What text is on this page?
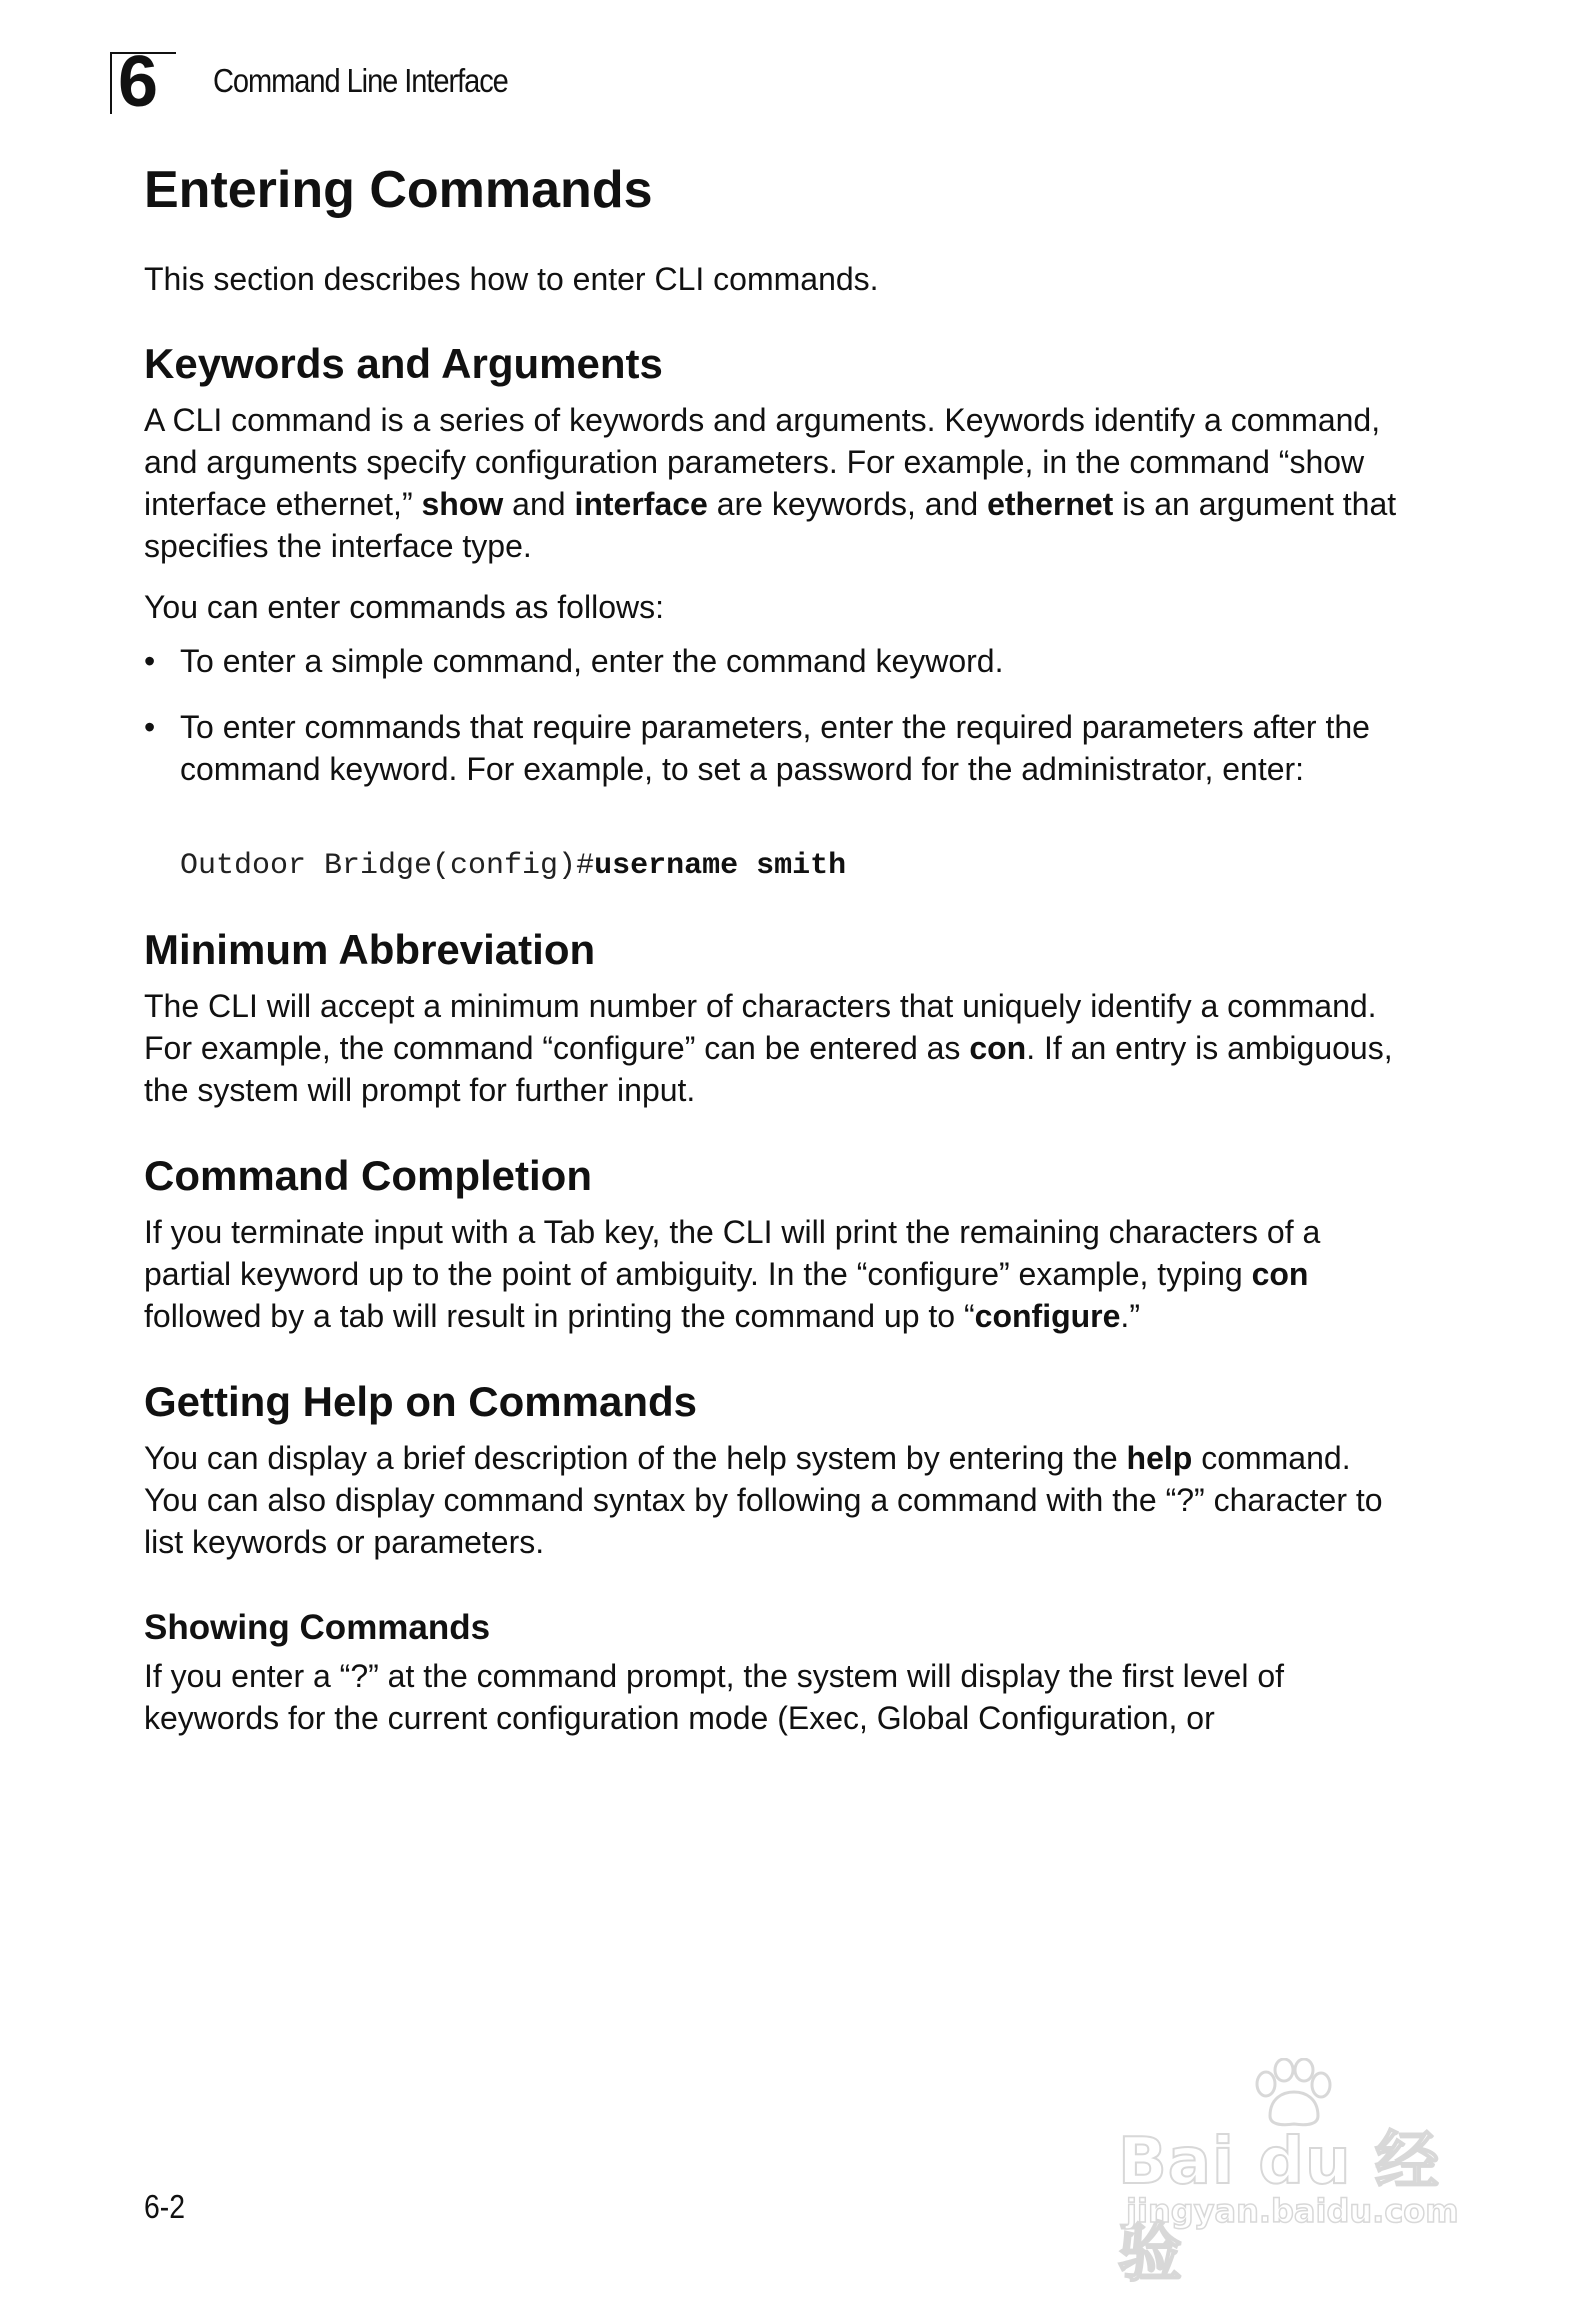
6 Command Line Interface
Entering Commands

This section describes how to enter CLI commands.

Keywords and Arguments

A CLI command is a series of keywords and arguments. Keywords identify a command, and arguments specify configuration parameters. For example, in the command “show interface ethernet,” show and interface are keywords, and ethernet is an argument that specifies the interface type.

You can enter commands as follows:

• To enter a simple command, enter the command keyword.
• To enter commands that require parameters, enter the required parameters after the command keyword. For example, to set a password for the administrator, enter:
Outdoor Bridge(config)#username smith
Minimum Abbreviation

The CLI will accept a minimum number of characters that uniquely identify a command. For example, the command “configure” can be entered as con. If an entry is ambiguous, the system will prompt for further input.

Command Completion

If you terminate input with a Tab key, the CLI will print the remaining characters of a partial keyword up to the point of ambiguity. In the “configure” example, typing con followed by a tab will result in printing the command up to “configure.”

Getting Help on Commands

You can display a brief description of the help system by entering the help command. You can also display command syntax by following a command with the “?” character to list keywords or parameters.

Showing Commands

If you enter a “?” at the command prompt, the system will display the first level of keywords for the current configuration mode (Exec, Global Configuration, or

6-2
Bai du 经验
jingyan.baidu.com
